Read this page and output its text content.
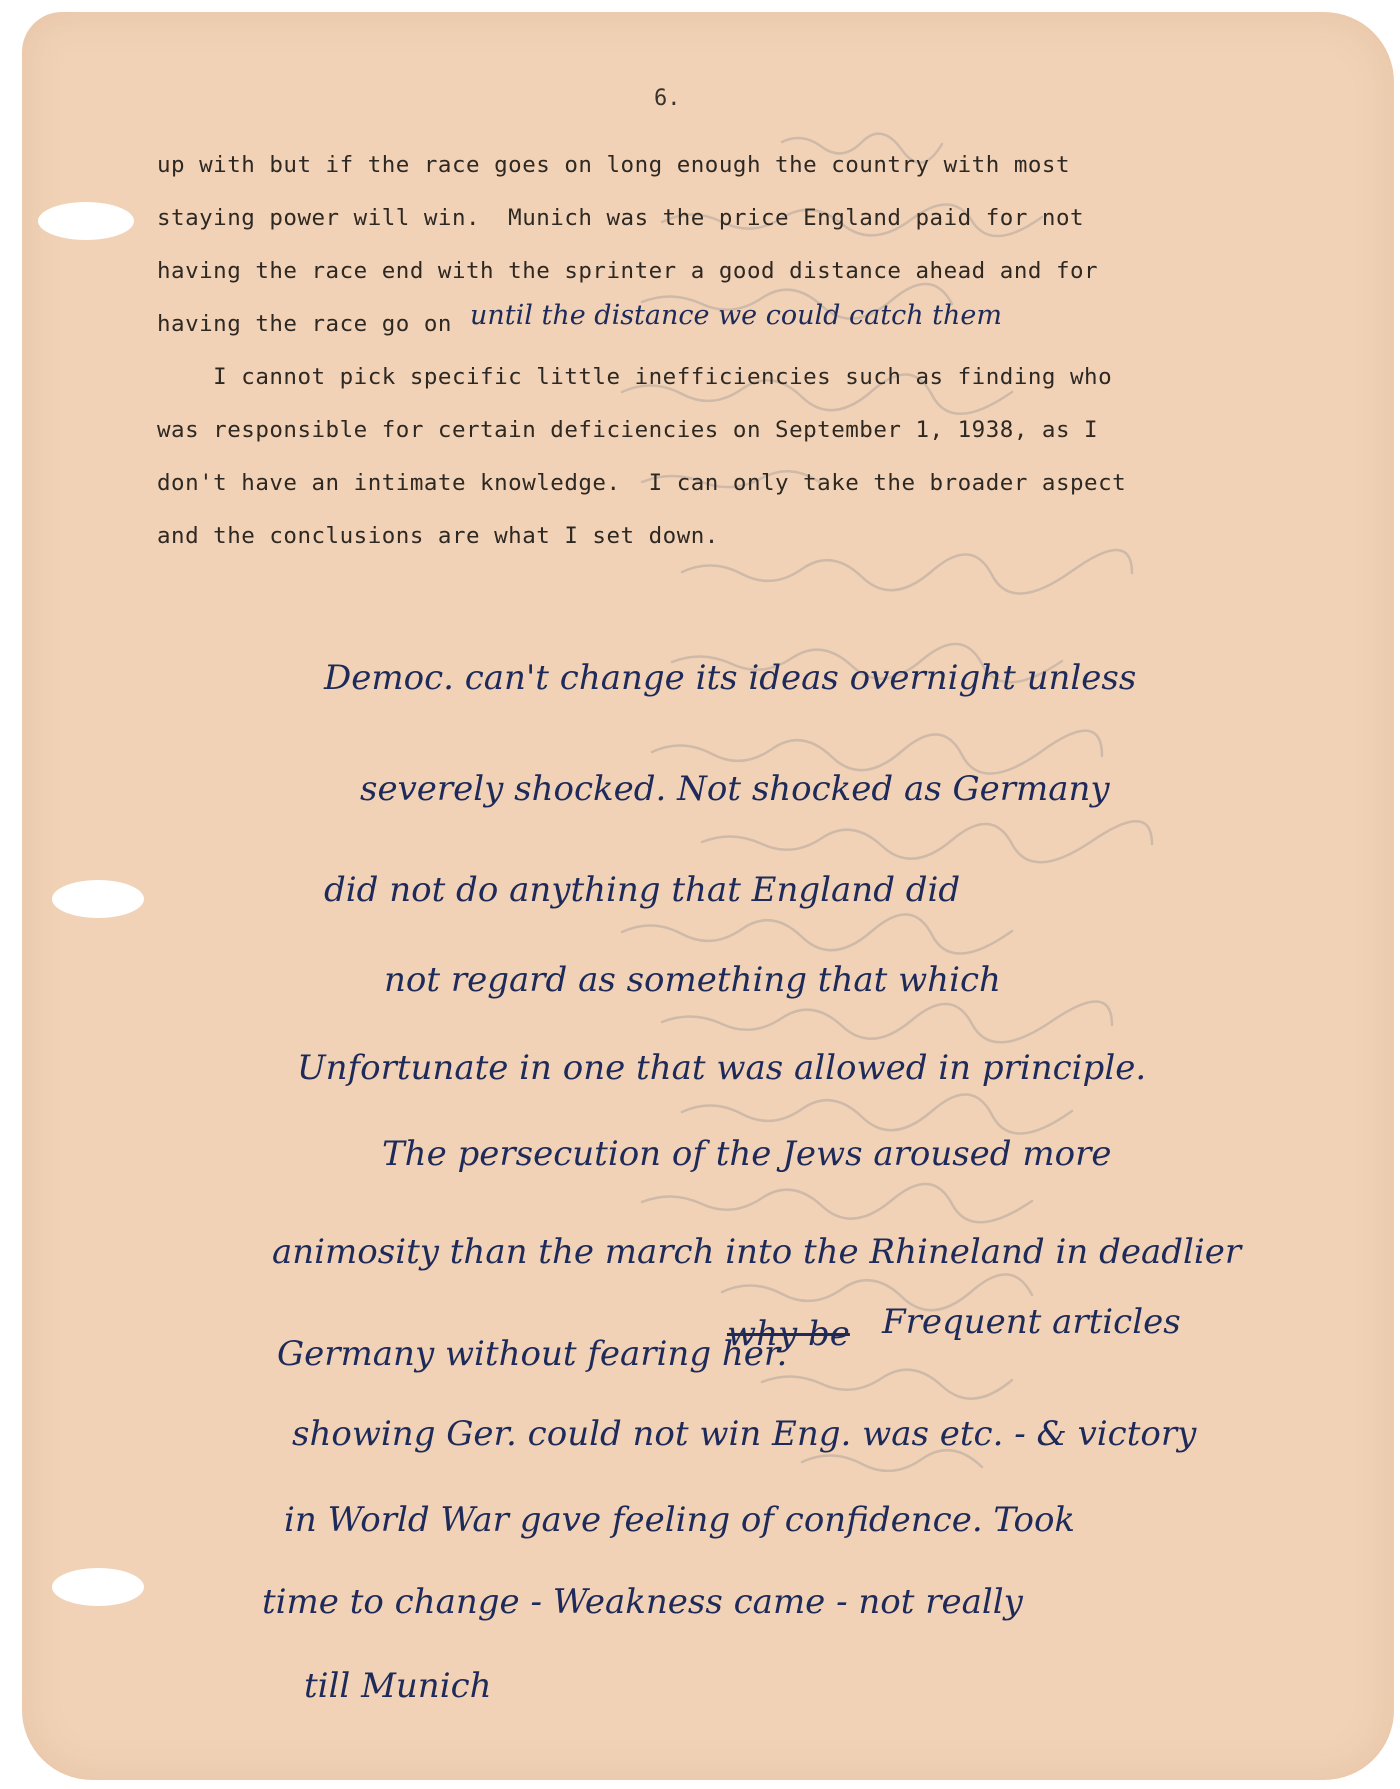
6.
up with but if the race goes on long enough the country with most
staying power will win.  Munich was the price England paid for not
having the race end with the sprinter a good distance ahead and for
having the race go on until the distance we could catch them
I cannot pick specific little inefficiencies such as finding who
was responsible for certain deficiencies on September 1, 1938, as I
don't have an intimate knowledge.  I can only take the broader aspect
and the conclusions are what I set down.
Democ. can't change its ideas overnight unless
severely shocked. Not shocked as Germany
did not do anything that England did
not regard as something that which
Unfortunate in one that was allowed in principle.
The persecution of the Jews aroused more
animosity than the march into the Rhineland in deadlier
Germany without fearing her.
why be Frequent articles
showing Ger. could not win Eng. was etc. - & victory
in World War gave feeling of confidence. Took
time to change - Weakness came - not really
till Munich
